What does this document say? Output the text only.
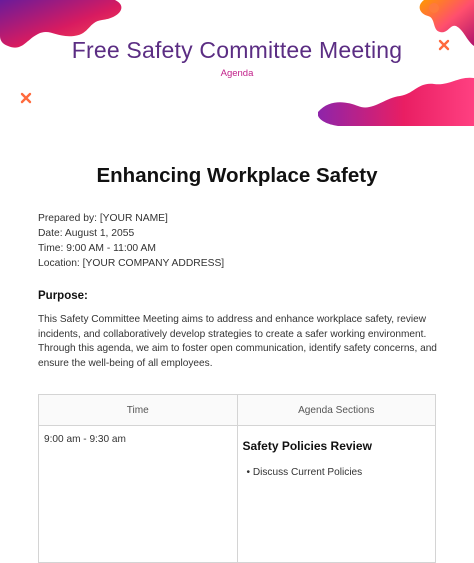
Free Safety Committee Meeting
Agenda
Enhancing Workplace Safety
Prepared by: [YOUR NAME]
Date: August 1, 2055
Time: 9:00 AM - 11:00 AM
Location: [YOUR COMPANY ADDRESS]
Purpose:
This Safety Committee Meeting aims to address and enhance workplace safety, review incidents, and collaboratively develop strategies to create a safer working environment. Through this agenda, we aim to foster open communication, identify safety concerns, and ensure the well-being of all employees.
Time	Agenda Sections
9:00 am - 9:30 am	Safety Policies Review
• Discuss Current Policies
